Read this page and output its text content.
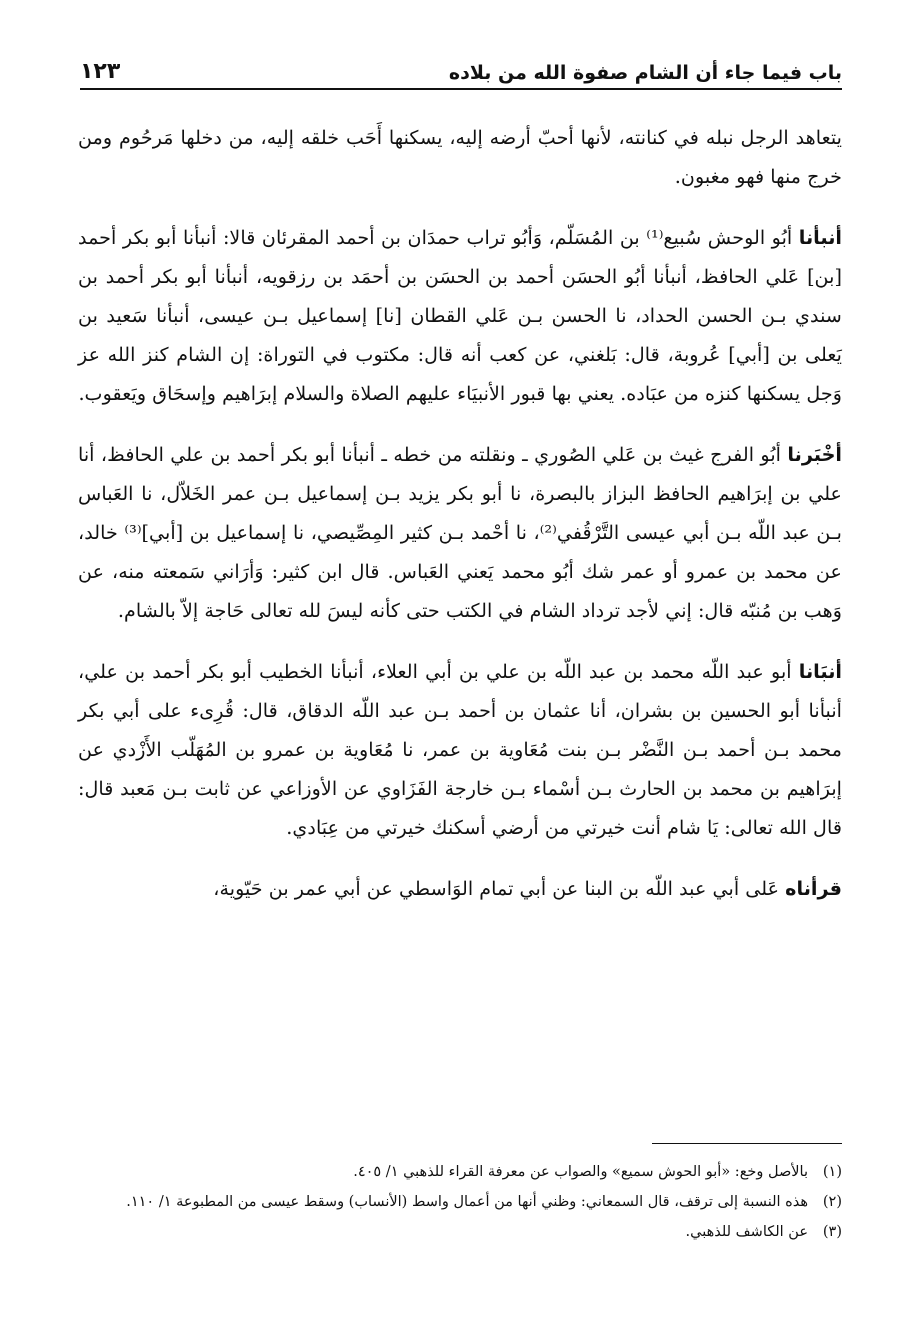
باب فيما جاء أن الشام صفوة الله من بلاده
١٢٣

يتعاهد الرجل نبله في كنانته، لأنها أحبّ أرضه إليه، يسكنها أَحَب خلقه إليه، من دخلها مَرحُوم ومن خرج منها فهو مغبون.

أنبأنا أبُو الوحش سُبيع⁽¹⁾ بن المُسَلّم، وَأبُو تراب حمدَان بن أحمد المقرئان قالا: أنبأنا أبو بكر أحمد [بن] عَلي الحافظ، أنبأنا أبُو الحسَن أحمد بن الحسَن بن أحمَد بن رزقويه، أنبأنا أبو بكر أحمد بن سندي بـن الحسن الحداد، نا الحسن بـن عَلي القطان [نا] إسماعيل بـن عيسى، أنبأنا سَعيد بن يَعلى بن [أبي] عُروبة، قال: بَلغني، عن كعب أنه قال: مكتوب في التوراة: إن الشام كنز الله عز وَجل يسكنها كنزه من عبَاده. يعني بها قبور الأنبيَاء عليهم الصلاة والسلام إبرَاهيم وإسحَاق ويَعقوب.

أخْبَرنا أبُو الفرج غيث بن عَلي الصُوري ـ ونقلته من خطه ـ أنبأنا أبو بكر أحمد بن علي الحافظ، أنا علي بن إبرَاهيم الحافظ البزاز بالبصرة، نا أبو بكر يزيد بـن إسماعيل بـن عمر الخَلاّل، نا العَباس بـن عبد اللّه بـن أبي عيسى التَّرْقُفي⁽²⁾، نا أحْمد بـن كثير المِصِّيصي، نا إسماعيل بن [أبي]⁽³⁾ خالد، عن محمد بن عمرو أو عمر شك أبُو محمد يَعني العَباس. قال ابن كثير: وَأرَاني سَمعته منه، عن وَهب بن مُنبّه قال: إني لأجد ترداد الشام في الكتب حتى كأنه ليسَ لله تعالى حَاجة إلاّ بالشام.

أنبَانا أبو عبد اللّه محمد بن عبد اللّه بن علي بن أبي العلاء، أنبأنا الخطيب أبو بكر أحمد بن علي، أنبأنا أبو الحسين بن بشران، أنا عثمان بن أحمد بـن عبد اللّه الدقاق، قال: قُرِىء على أبي بكر محمد بـن أحمد بـن النَّضْر بـن بنت مُعَاوية بن عمر، نا مُعَاوية بن عمرو بن المُهَلّب الأَزْدي عن إبرَاهيم بن محمد بن الحارث بـن أسْماء بـن خارجة الفَزَاوي عن الأوزاعي عن ثابت بـن مَعبد قال: قال الله تعالى: يَا شام أنت خيرتي من أرضي أسكنك خيرتي من عِبَادي.

قرأناه عَلى أبي عبد اللّه بن البنا عن أبي تمام الوَاسطي عن أبي عمر بن حَيّوية،

(١)
بالأصل وخع: «أبو الحوش سميع» والصواب عن معرفة القراء للذهبي ١/ ٤٠٥.
(٢)
هذه النسبة إلى ترقف، قال السمعاني: وظني أنها من أعمال واسط (الأنساب) وسقط عيسى من المطبوعة ١/ ١١٠.
(٣)
عن الكاشف للذهبي.
